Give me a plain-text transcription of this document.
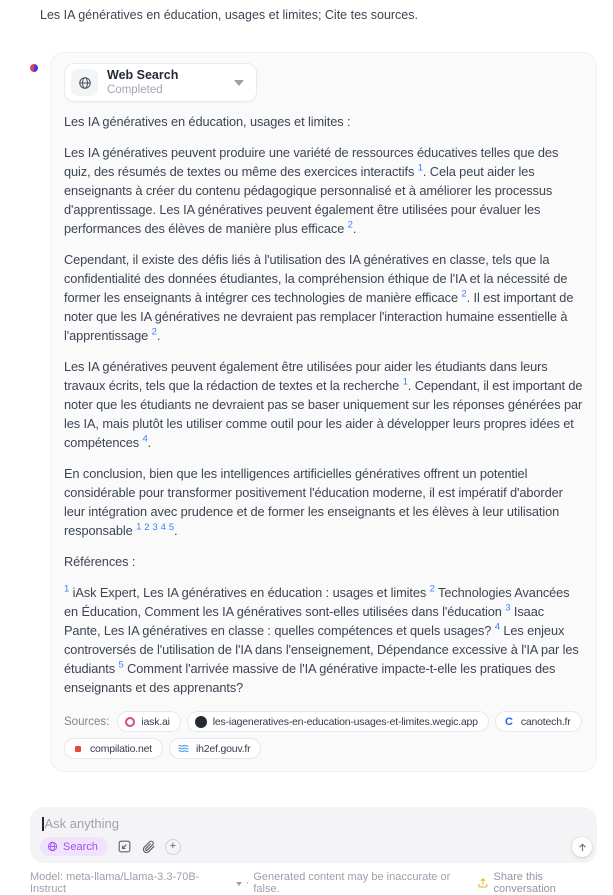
Les IA génératives en éducation, usages et limites; Cite tes sources.
Web Search
Completed

Les IA génératives en éducation, usages et limites :

Les IA génératives peuvent produire une variété de ressources éducatives telles que des quiz, des résumés de textes ou même des exercices interactifs $^1$. Cela peut aider les enseignants à créer du contenu pédagogique personnalisé et à améliorer les processus d'apprentissage. Les IA génératives peuvent également être utilisées pour évaluer les performances des élèves de manière plus efficace $^2$.

Cependant, il existe des défis liés à l'utilisation des IA génératives en classe, tels que la confidentialité des données étudiantes, la compréhension éthique de l'IA et la nécessité de former les enseignants à intégrer ces technologies de manière efficace $^2$. Il est important de noter que les IA génératives ne devraient pas remplacer l'interaction humaine essentielle à l'apprentissage $^2$.

Les IA génératives peuvent également être utilisées pour aider les étudiants dans leurs travaux écrits, tels que la rédaction de textes et la recherche $^1$. Cependant, il est important de noter que les étudiants ne devraient pas se baser uniquement sur les réponses générées par les IA, mais plutôt les utiliser comme outil pour les aider à développer leurs propres idées et compétences $^4$.

En conclusion, bien que les intelligences artificielles génératives offrent un potentiel considérable pour transformer positivement l'éducation moderne, il est impératif d'aborder leur intégration avec prudence et de former les enseignants et les élèves à leur utilisation responsable $^1$ $^2$ $^3$ $^4$ $^5$.

Références :

$^1$ iAsk Expert, Les IA génératives en éducation : usages et limites $^2$ Technologies Avancées en Éducation, Comment les IA génératives sont-elles utilisées dans l'éducation $^3$ Isaac Pante, Les IA génératives en classe : quelles compétences et quels usages? $^4$ Les enjeux controversés de l'utilisation de l'IA dans l'enseignement, Dépendance excessive à l'IA par les étudiants $^5$ Comment l'arrivée massive de l'IA générative impacte-t-elle les pratiques des enseignants et des apprenants?

Sources:	iask.ai	les-iageneratives-en-education-usages-et-limites.wegic.app C canotech.fr
compilatio.net	ih2ef.gouv.fr
Ask anything
Search	+
Model: meta-llama/Llama-3.3-70B-Instruct	· Generated content may be inaccurate or false.
Share this conversation
